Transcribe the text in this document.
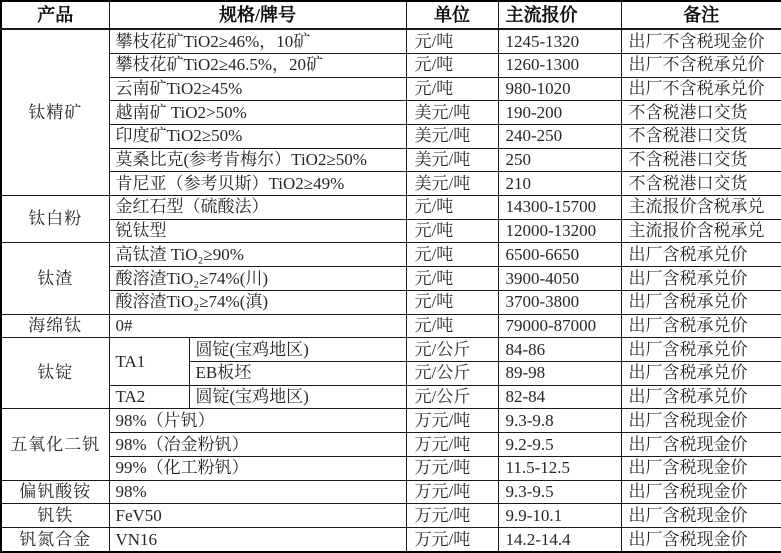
产品	规格/牌号		单位	主流报价	备注
钛精矿	攀枝花矿TiO2≥46%，10矿		元/吨	1245-1320	出厂不含税现金价
	攀枝花矿TiO2≥46.5%，20矿		元/吨	1260-1300	出厂不含税承兑价
	云南矿TiO2≥45%		元/吨	980-1020	出厂不含税承兑价
	越南矿 TiO2>50%		美元/吨	190-200	不含税港口交货
	印度矿TiO2≥50%		美元/吨	240-250	不含税港口交货
	莫桑比克(参考肯梅尔）TiO2≥50%		美元/吨	250	不含税港口交货
	肯尼亚（参考贝斯）TiO2≥49%		美元/吨	210	不含税港口交货
钛白粉	金红石型（硫酸法）		元/吨	14300-15700	主流报价含税承兑
	锐钛型		元/吨	12000-13200	主流报价含税承兑
钛渣	高钛渣 TiO₂≥90%		元/吨	6500-6650	出厂含税承兑价
	酸溶渣TiO₂≥74%(川)		元/吨	3900-4050	出厂含税承兑价
	酸溶渣TiO₂≥74%(滇)		元/吨	3700-3800	出厂含税承兑价
海绵钛	0#		元/吨	79000-87000	出厂含税承兑价
钛锭	TA1	圆锭(宝鸡地区)	元/公斤	84-86	出厂含税承兑价
		EB板坯	元/公斤	89-98	出厂含税承兑价
	TA2	圆锭(宝鸡地区)	元/公斤	82-84	出厂含税承兑价
五氧化二钒	98%（片钒）		万元/吨	9.3-9.8	出厂含税现金价
	98%（冶金粉钒）		万元/吨	9.2-9.5	出厂含税现金价
	99%（化工粉钒）		万元/吨	11.5-12.5	出厂含税现金价
偏钒酸铵	98%		万元/吨	9.3-9.5	出厂含税现金价
钒铁	FeV50		万元/吨	9.9-10.1	出厂含税现金价
钒氮合金	VN16		万元/吨	14.2-14.4	出厂含税现金价
